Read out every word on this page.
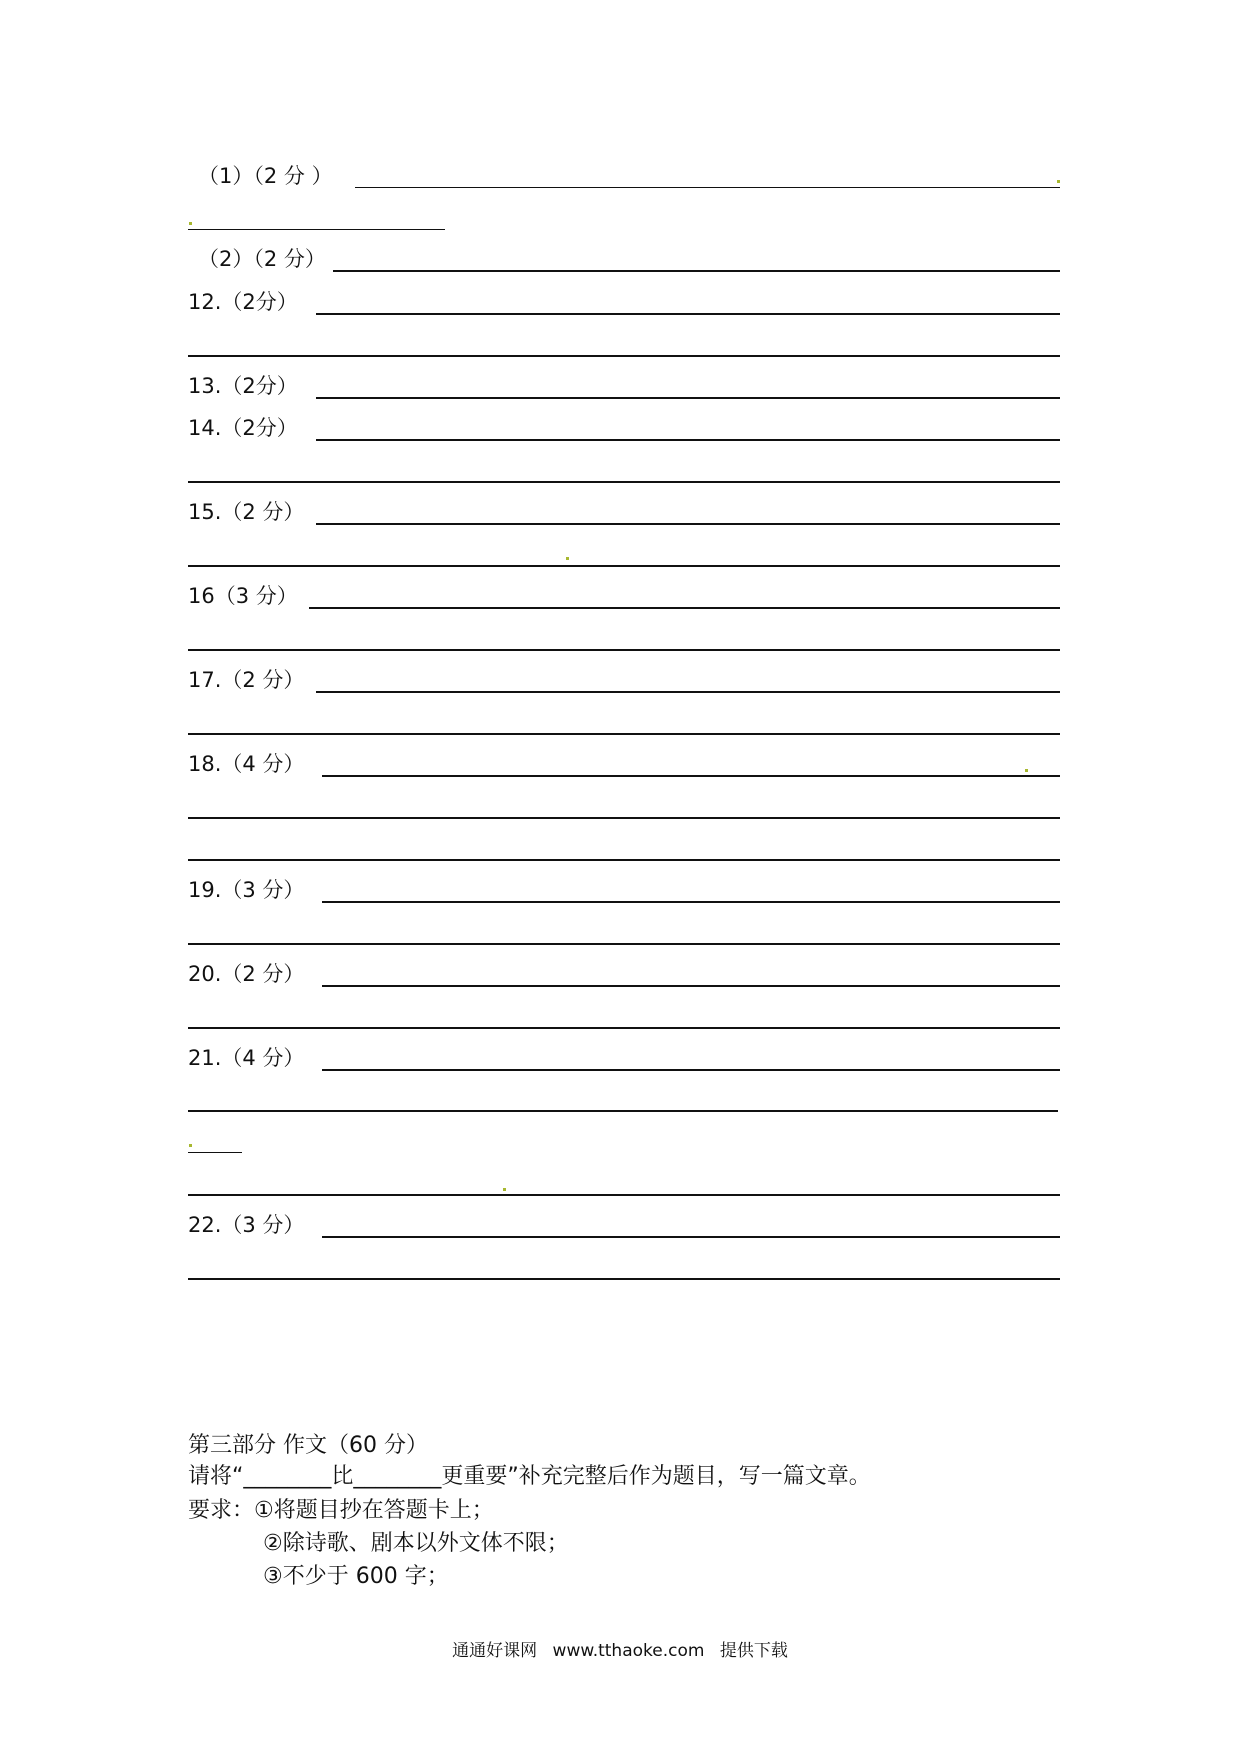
（1）（2 分 ）
（2）（2 分）
12.（2分）
13.（2分）
14.（2分）
15.（2 分）
16（3 分）
17.（2 分）
18.（4 分）
19.（3 分）
20.（2 分）
21.（4 分）
22.（3 分）
第三部分 作文（60 分）
请将“________比________更重要”补充完整后作为题目，写一篇文章。
要求：①将题目抄在答题卡上；
②除诗歌、剧本以外文体不限；
③不少于 600 字；
通通好课网 www.tthaoke.com 提供下载
